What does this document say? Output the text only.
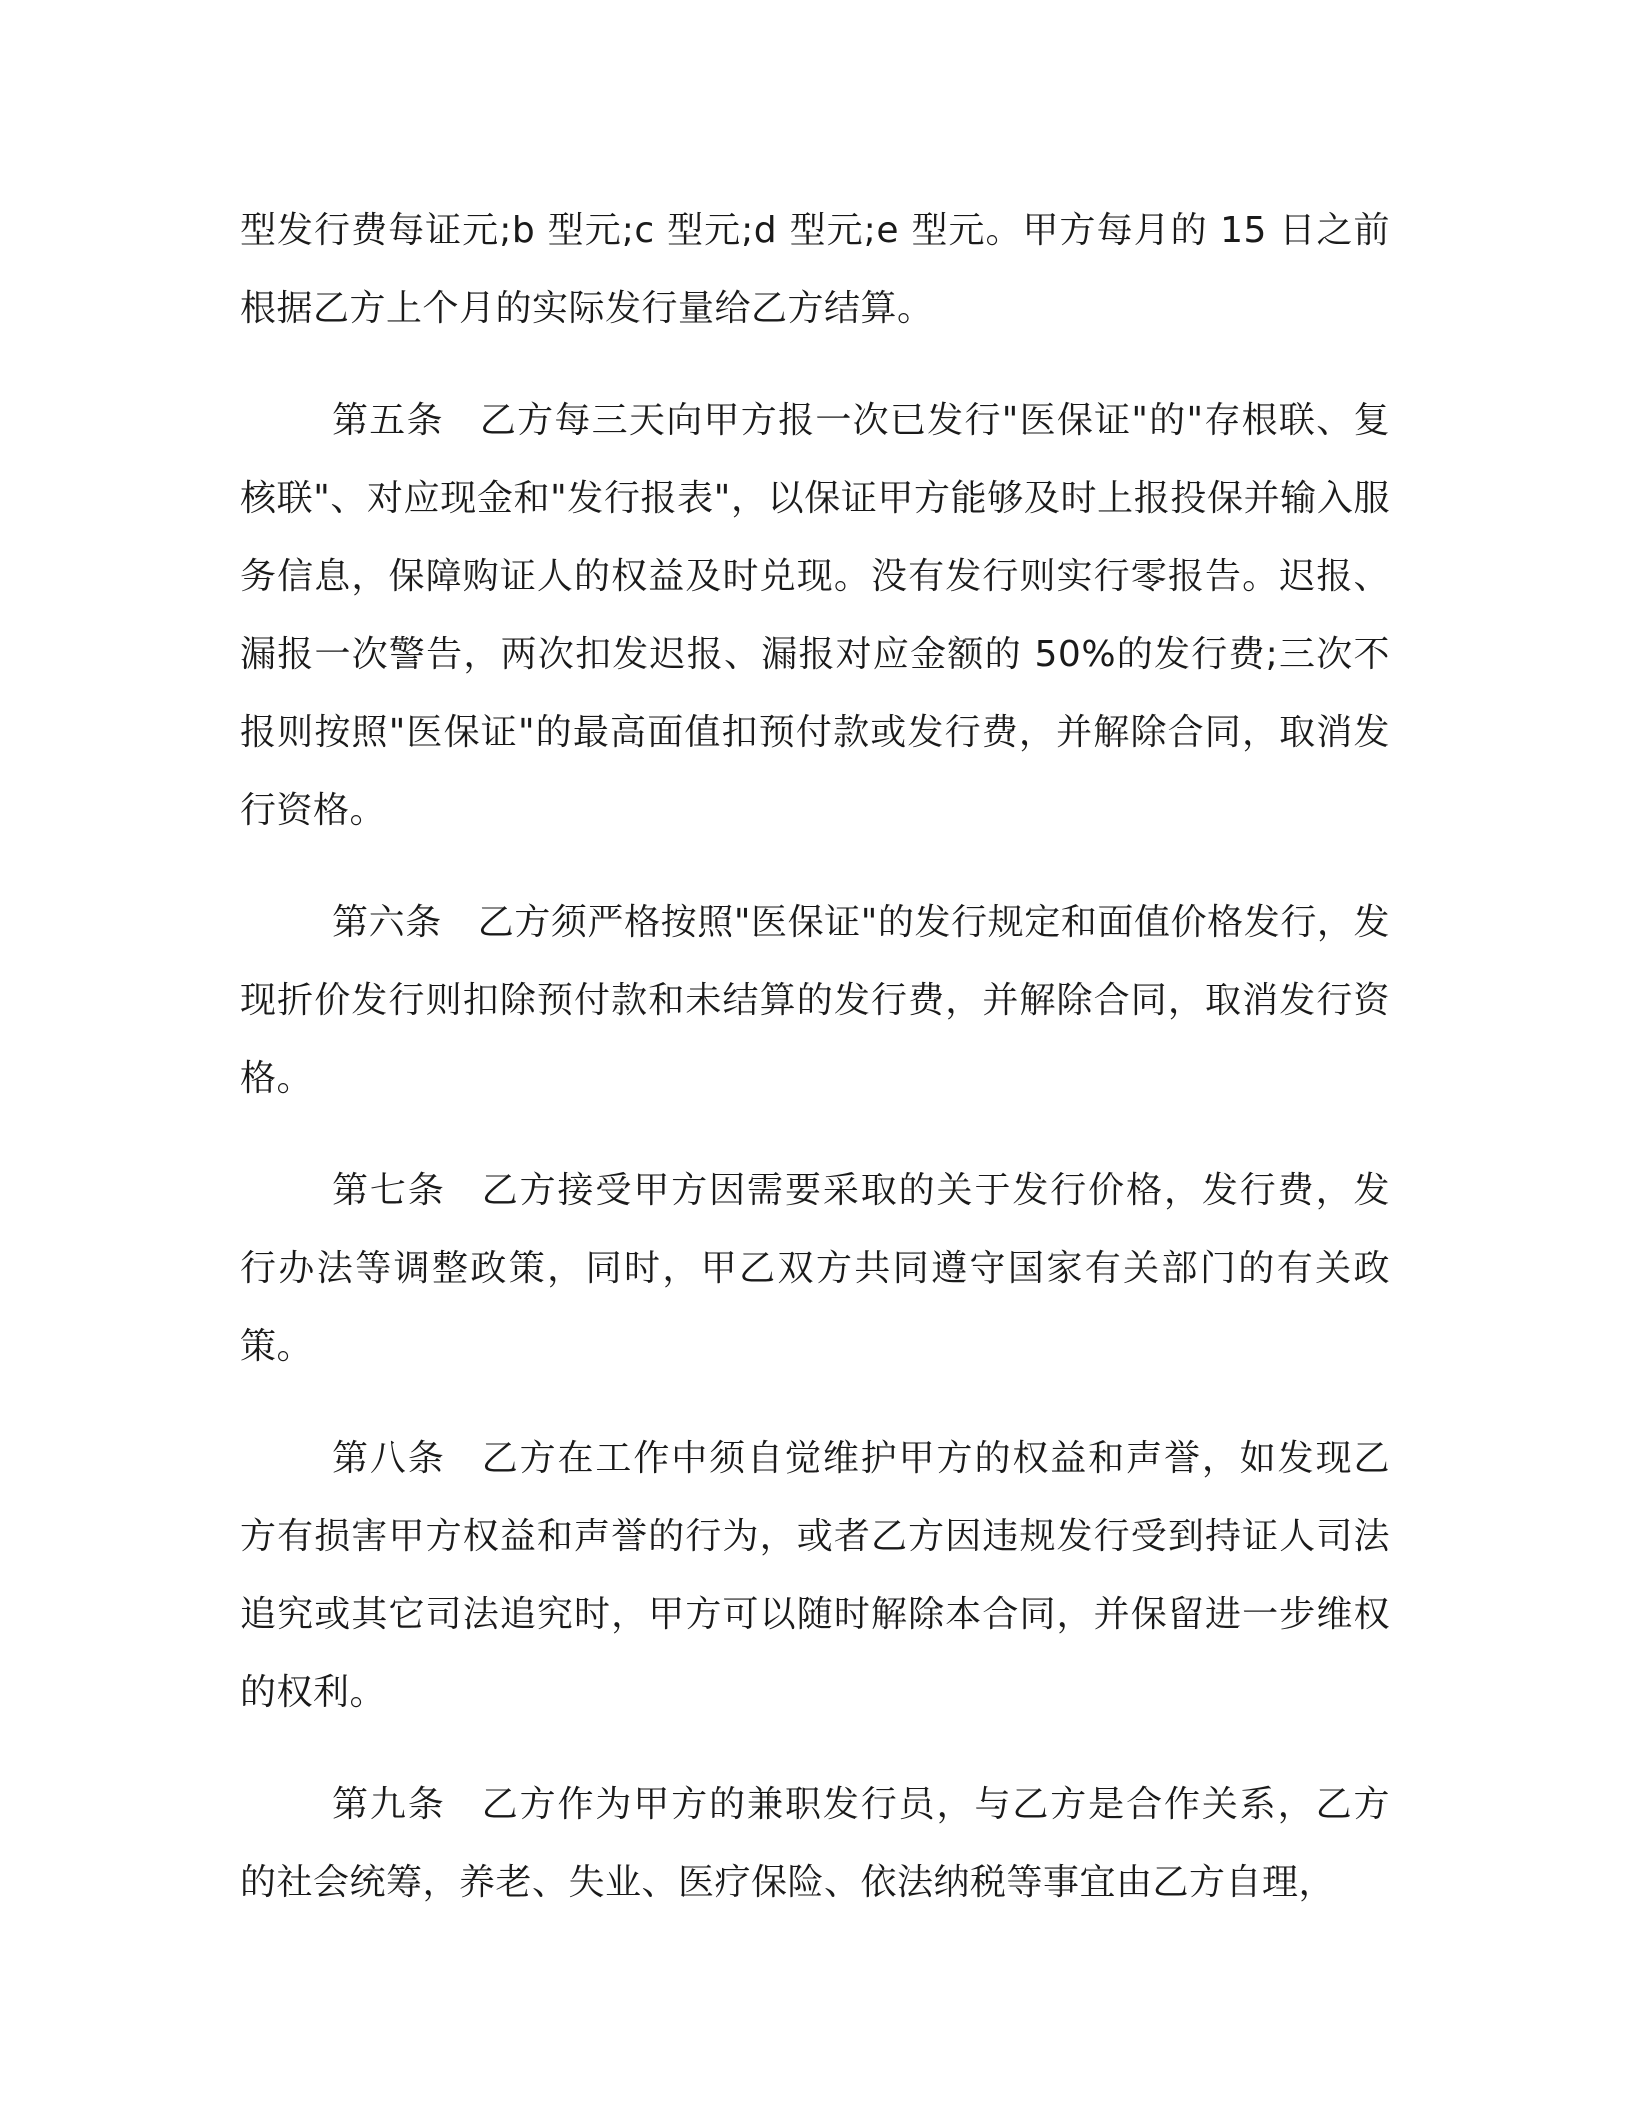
型发行费每证元;b 型元;c 型元;d 型元;e 型元。甲方每月的 15 日之前根据乙方上个月的实际发行量给乙方结算。

第五条 乙方每三天向甲方报一次已发行"医保证"的"存根联、复核联"、对应现金和"发行报表"，以保证甲方能够及时上报投保并输入服务信息，保障购证人的权益及时兑现。没有发行则实行零报告。迟报、漏报一次警告，两次扣发迟报、漏报对应金额的 50%的发行费;三次不报则按照"医保证"的最高面值扣预付款或发行费，并解除合同，取消发行资格。

第六条 乙方须严格按照"医保证"的发行规定和面值价格发行，发现折价发行则扣除预付款和未结算的发行费，并解除合同，取消发行资格。

第七条 乙方接受甲方因需要采取的关于发行价格，发行费，发行办法等调整政策，同时，甲乙双方共同遵守国家有关部门的有关政策。

第八条 乙方在工作中须自觉维护甲方的权益和声誉，如发现乙方有损害甲方权益和声誉的行为，或者乙方因违规发行受到持证人司法追究或其它司法追究时，甲方可以随时解除本合同，并保留进一步维权的权利。

第九条 乙方作为甲方的兼职发行员，与乙方是合作关系，乙方的社会统筹，养老、失业、医疗保险、依法纳税等事宜由乙方自理，
